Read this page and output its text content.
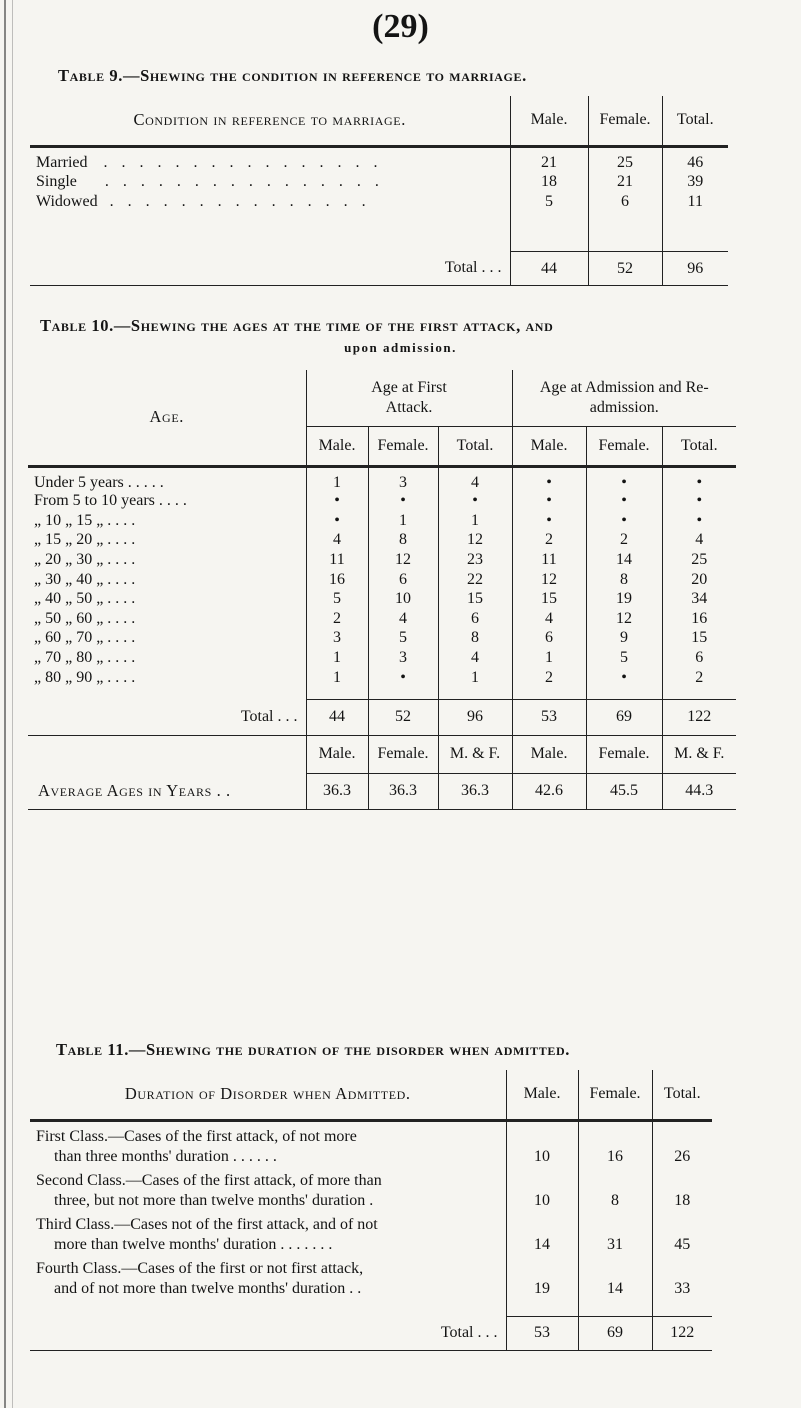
(29)
Table 9.—Shewing the condition in reference to marriage.
Condition in reference to marriage.	Male.	Female.	Total.
Married . . . . . . . . . . . . . . . .	21	25	46
Single . . . . . . . . . . . . . . . .	18	21	39
Widowed . . . . . . . . . . . . . . .	5	6	11

Total . . .	44	52	96

Table 10.—Shewing the ages at the time of the first attack, and
upon admission.
Age.	Age at First Attack.			Age at Admission and Re-admission.		
	Male.	Female.	Total.	Male.	Female.	Total.
Under 5 years . . . . .	1	3	4	•	•	•
From 5 to 10 years . . . .	•	•	•	•	•	•
„ 10 „ 15 „ . . . .	•	1	1	•	•	•
„ 15 „ 20 „ . . . .	4	8	12	2	2	4
„ 20 „ 30 „ . . . .	11	12	23	11	14	25
„ 30 „ 40 „ . . . .	16	6	22	12	8	20
„ 40 „ 50 „ . . . .	5	10	15	15	19	34
„ 50 „ 60 „ . . . .	2	4	6	4	12	16
„ 60 „ 70 „ . . . .	3	5	8	6	9	15
„ 70 „ 80 „ . . . .	1	3	4	1	5	6
„ 80 „ 90 „ . . . .	1	•	1	2	•	2

Total . . .	44	52	96	53	69	122
	Male.	Female.	M. & F.	Male.	Female.	M. & F.
Average Ages in Years . .	36.3	36.3	36.3	42.6	45.5	44.3

Table 11.—Shewing the duration of the disorder when admitted.
Duration of Disorder when Admitted.	Male.	Female.	Total.
First Class.—Cases of the first attack, of not more			
than three months' duration . . . . . .	10	16	26
Second Class.—Cases of the first attack, of more than			
three, but not more than twelve months' duration .	10	8	18
Third Class.—Cases not of the first attack, and of not			
more than twelve months' duration . . . . . . .	14	31	45
Fourth Class.—Cases of the first or not first attack,			
and of not more than twelve months' duration . .	19	14	33

Total . . .	53	69	122
